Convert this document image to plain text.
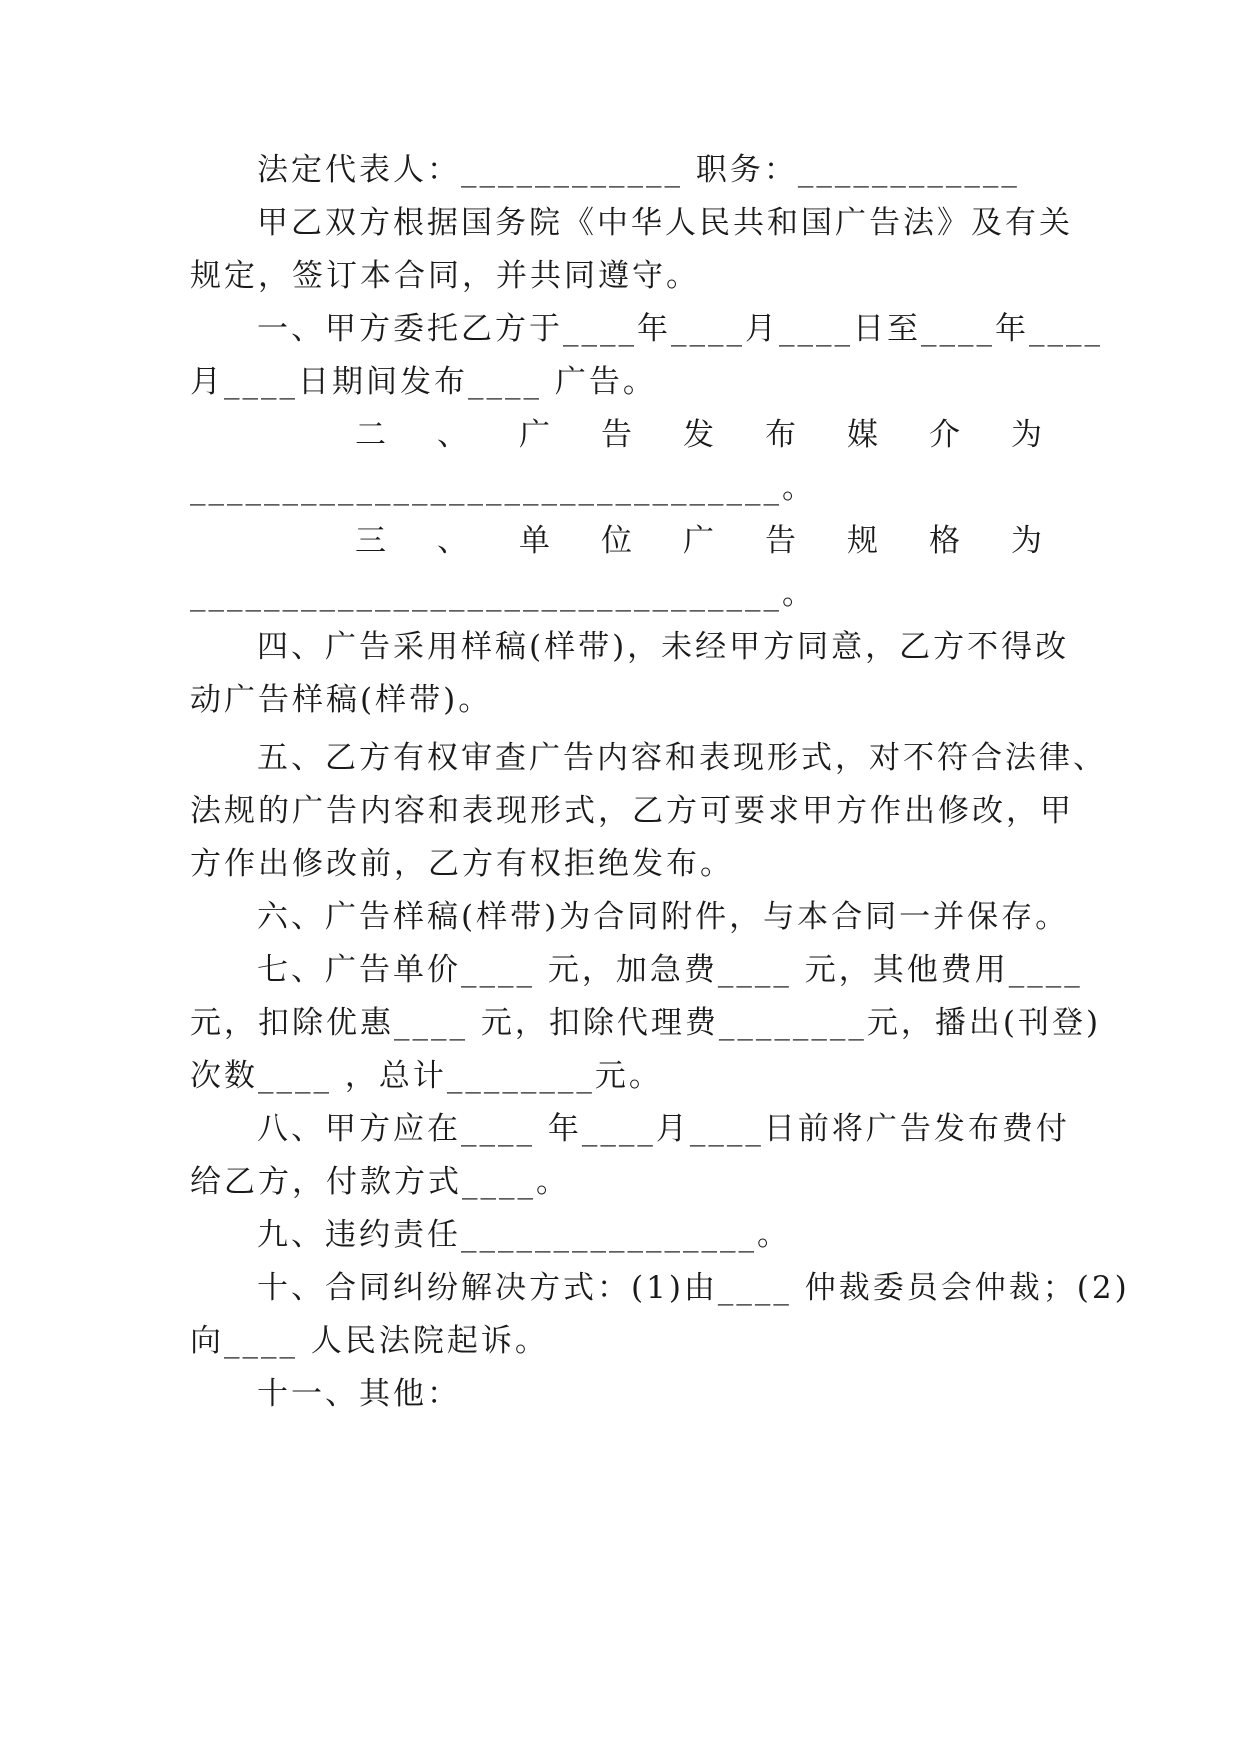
法定代表人：____________ 职务：____________
甲乙双方根据国务院《中华人民共和国广告法》及有关
规定，签订本合同，并共同遵守。
一、甲方委托乙方于____年____月____日至____年____
月____日期间发布____ 广告。
二 、 广 告 发 布 媒 介 为
________________________________。
三 、 单 位 广 告 规 格 为
________________________________。
四、广告采用样稿(样带)，未经甲方同意，乙方不得改
动广告样稿(样带)。
五、乙方有权审查广告内容和表现形式，对不符合法律、
法规的广告内容和表现形式，乙方可要求甲方作出修改，甲
方作出修改前，乙方有权拒绝发布。
六、广告样稿(样带)为合同附件，与本合同一并保存。
七、广告单价____ 元，加急费____ 元，其他费用____
元，扣除优惠____ 元，扣除代理费________元，播出(刊登)
次数____ ，总计________元。
八、甲方应在____ 年____月____日前将广告发布费付
给乙方，付款方式____。
九、违约责任________________。
十、合同纠纷解决方式：(1)由____ 仲裁委员会仲裁；(2)
向____ 人民法院起诉。
十一、其他：
